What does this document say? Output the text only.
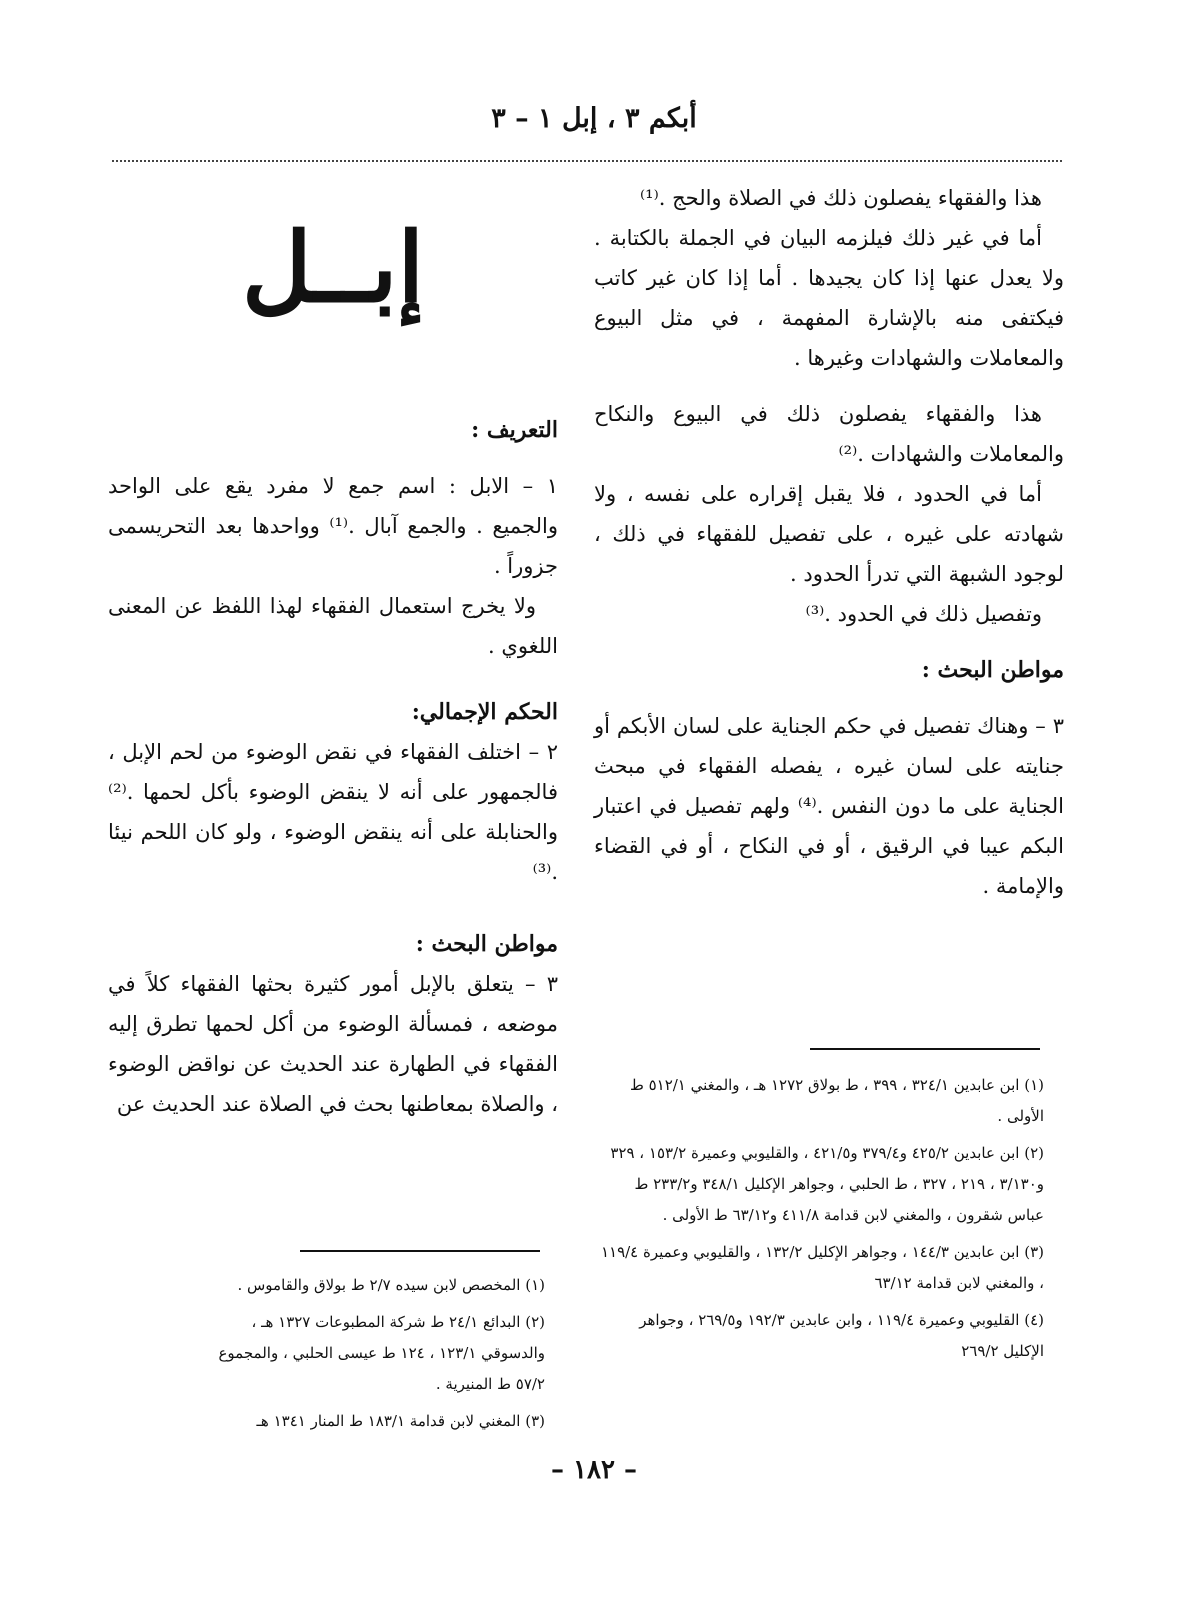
أبكم ٣ ، إبل ١ – ٣

هذا والفقهاء يفصلون ذلك في الصلاة والحج .⁽¹⁾

أما في غير ذلك فيلزمه البيان في الجملة بالكتابة . ولا يعدل عنها إذا كان يجيدها . أما إذا كان غير كاتب فيكتفى منه بالإشارة المفهمة ، في مثل البيوع والمعاملات والشهادات وغيرها .

هذا والفقهاء يفصلون ذلك في البيوع والنكاح والمعاملات والشهادات .⁽²⁾

أما في الحدود ، فلا يقبل إقراره على نفسه ، ولا شهادته على غيره ، على تفصيل للفقهاء في ذلك ، لوجود الشبهة التي تدرأ الحدود .

وتفصيل ذلك في الحدود .⁽³⁾

مواطن البحث :

٣ – وهناك تفصيل في حكم الجناية على لسان الأبكم أو جنايته على لسان غيره ، يفصله الفقهاء في مبحث الجناية على ما دون النفس .⁽⁴⁾ ولهم تفصيل في اعتبار البكم عيبا في الرقيق ، أو في النكاح ، أو في القضاء والإمامة .

(١) ابن عابدين ٣٢٤/١ ، ٣٩٩ ، ط بولاق ١٢٧٢ هـ ، والمغني ٥١٢/١ ط الأولى .

(٢) ابن عابدين ٤٢٥/٢ و٣٧٩/٤ و٤٢١/٥ ، والقليوبي وعميرة ١٥٣/٢ ، ٣٢٩ و٣/١٣٠ ، ٢١٩ ، ٣٢٧ ، ط الحلبي ، وجواهر الإكليل ٣٤٨/١ و٢٣٣/٢ ط عباس شقرون ، والمغني لابن قدامة ٤١١/٨ و٦٣/١٢ ط الأولى .

(٣) ابن عابدين ١٤٤/٣ ، وجواهر الإكليل ١٣٢/٢ ، والقليوبي وعميرة ١١٩/٤ ، والمغني لابن قدامة ٦٣/١٢

(٤) القليوبي وعميرة ١١٩/٤ ، وابن عابدين ١٩٢/٣ و٢٦٩/٥ ، وجواهر الإكليل ٢٦٩/٢

إبــل

التعريف :

١ – الابل : اسم جمع لا مفرد يقع على الواحد والجميع . والجمع آبال .⁽¹⁾ وواحدها بعد التحريسمى جزوراً .

ولا يخرج استعمال الفقهاء لهذا اللفظ عن المعنى اللغوي .

الحكم الإجمالي:

٢ – اختلف الفقهاء في نقض الوضوء من لحم الإبل ، فالجمهور على أنه لا ينقض الوضوء بأكل لحمها .⁽²⁾ والحنابلة على أنه ينقض الوضوء ، ولو كان اللحم نيئا .⁽³⁾

مواطن البحث :

٣ – يتعلق بالإبل أمور كثيرة بحثها الفقهاء كلاً في موضعه ، فمسألة الوضوء من أكل لحمها تطرق إليه الفقهاء في الطهارة عند الحديث عن نواقض الوضوء ، والصلاة بمعاطنها بحث في الصلاة عند الحديث عن

(١) المخصص لابن سيده ٢/٧ ط بولاق والقاموس .

(٢) البدائع ٢٤/١ ط شركة المطبوعات ١٣٢٧ هـ ، والدسوقي ١٢٣/١ ، ١٢٤ ط عيسى الحلبي ، والمجموع ٥٧/٢ ط المنيرية .

(٣) المغني لابن قدامة ١٨٣/١ ط المنار ١٣٤١ هـ

– ١٨٢ –
